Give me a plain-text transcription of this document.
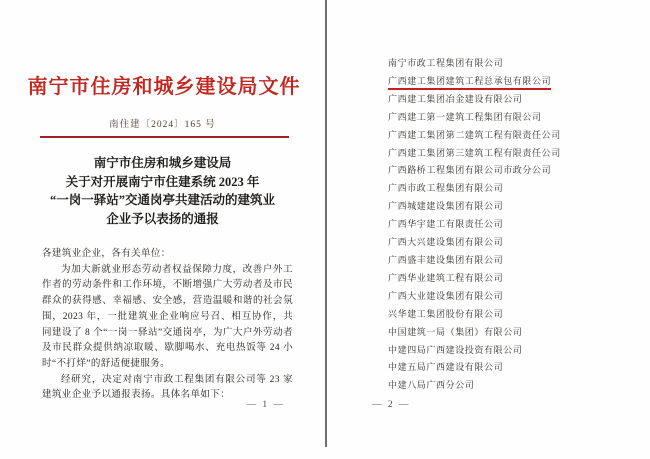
南宁市住房和城乡建设局文件
南住建〔2024〕165 号
南宁市住房和城乡建设局
关于对开展南宁市住建系统 2023 年
“一岗一驿站”交通岗亭共建活动的建筑业
企业予以表扬的通报

各建筑业企业，各有关单位：

为加大新就业形态劳动者权益保障力度，改善户外工作者的劳动条件和工作环境，不断增强广大劳动者及市民群众的获得感、幸福感、安全感，营造温暖和谐的社会氛围，2023 年，一批建筑业企业响应号召、相互协作，共同建设了 8 个“一岗一驿站”交通岗亭，为广大户外劳动者及市民群众提供纳凉取暖、歇脚喝水、充电热饭等 24 小时“不打烊”的舒适便捷服务。

经研究，决定对南宁市政工程集团有限公司等 23 家建筑业企业予以通报表扬。具体名单如下：

— 1 —
南宁市政工程集团有限公司
广西建工集团建筑工程总承包有限公司
广西建工集团冶金建设有限公司
广西建工第一建筑工程集团有限公司
广西建工集团第二建筑工程有限责任公司
广西建工集团第三建筑工程有限责任公司
广西路桥工程集团有限公司市政分公司
广西市政工程集团有限公司
广西城建建设集团有限公司
广西华宇建工有限责任公司
广西大兴建设集团有限公司
广西盛丰建设集团有限公司
广西华业建筑工程有限公司
广西大业建设集团有限公司
兴华建工集团股份有限公司
中国建筑一局（集团）有限公司
中建四局广西建设投资有限公司
中建五局广西建设有限公司
中建八局广西分公司
— 2 —
